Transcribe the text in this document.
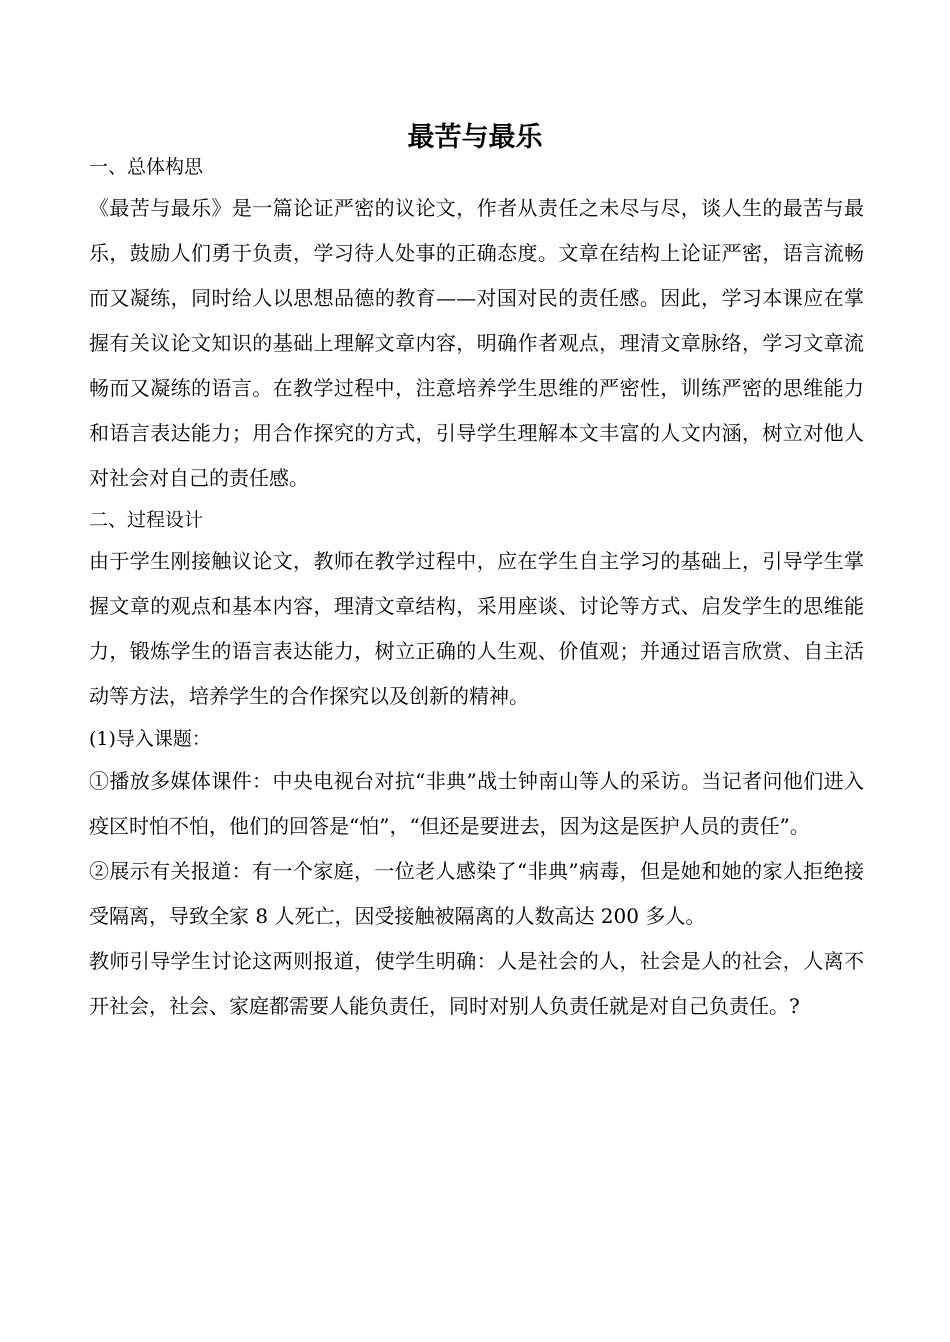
最苦与最乐

一、总体构思

《最苦与最乐》是一篇论证严密的议论文，作者从责任之未尽与尽，谈人生的最苦与最乐，鼓励人们勇于负责，学习待人处事的正确态度。文章在结构上论证严密，语言流畅而又凝练，同时给人以思想品德的教育——对国对民的责任感。因此，学习本课应在掌握有关议论文知识的基础上理解文章内容，明确作者观点，理清文章脉络，学习文章流畅而又凝练的语言。在教学过程中，注意培养学生思维的严密性，训练严密的思维能力和语言表达能力；用合作探究的方式，引导学生理解本文丰富的人文内涵，树立对他人对社会对自己的责任感。

二、过程设计

由于学生刚接触议论文，教师在教学过程中，应在学生自主学习的基础上，引导学生掌握文章的观点和基本内容，理清文章结构，采用座谈、讨论等方式、启发学生的思维能力，锻炼学生的语言表达能力，树立正确的人生观、价值观；并通过语言欣赏、自主活动等方法，培养学生的合作探究以及创新的精神。

(1)导入课题：

①播放多媒体课件：中央电视台对抗“非典”战士钟南山等人的采访。当记者问他们进入疫区时怕不怕，他们的回答是“怕”，“但还是要进去，因为这是医护人员的责任”。

②展示有关报道：有一个家庭，一位老人感染了“非典”病毒，但是她和她的家人拒绝接受隔离，导致全家 8 人死亡，因受接触被隔离的人数高达 200 多人。

教师引导学生讨论这两则报道，使学生明确：人是社会的人，社会是人的社会，人离不开社会，社会、家庭都需要人能负责任，同时对别人负责任就是对自己负责任。?
